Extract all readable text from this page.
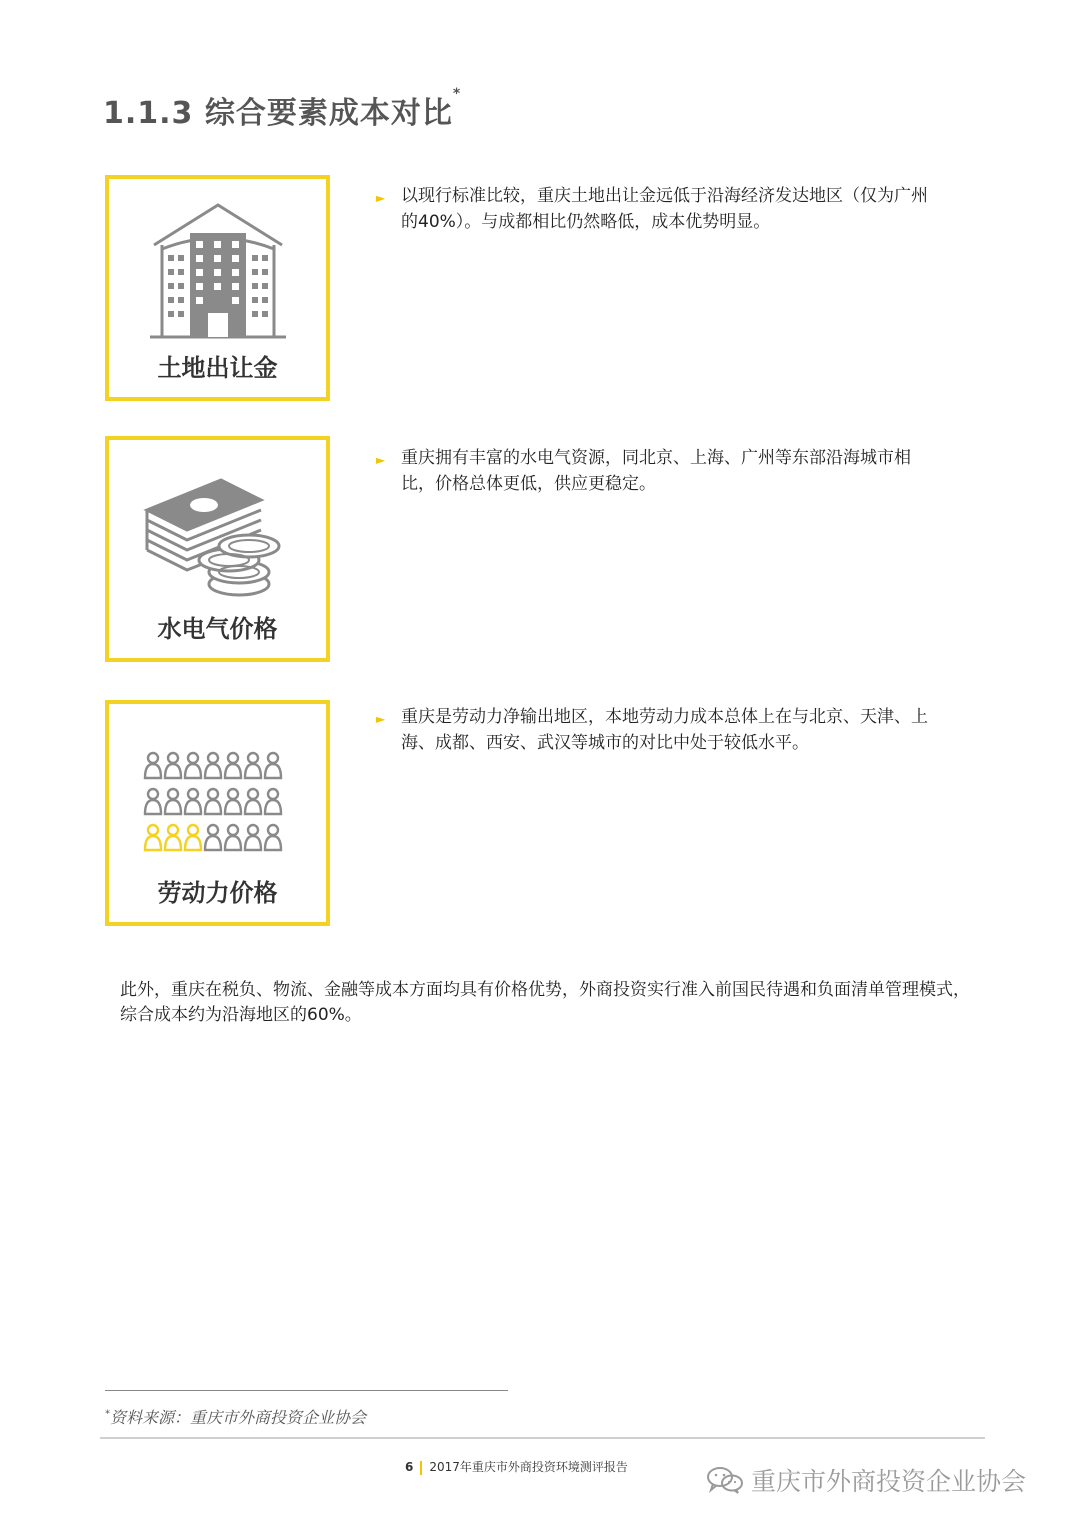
1.1.3 综合要素成本对比*
土地出让金
水电气价格
劳动力价格
► 以现行标准比较，重庆土地出让金远低于沿海经济发达地区（仅为广州的40%）。与成都相比仍然略低，成本优势明显。
► 重庆拥有丰富的水电气资源，同北京、上海、广州等东部沿海城市相比，价格总体更低，供应更稳定。
► 重庆是劳动力净输出地区，本地劳动力成本总体上在与北京、天津、上海、成都、西安、武汉等城市的对比中处于较低水平。
此外，重庆在税负、物流、金融等成本方面均具有价格优势，外商投资实行准入前国民待遇和负面清单管理模式，综合成本约为沿海地区的60%。
*资料来源：重庆市外商投资企业协会
6 2017年重庆市外商投资环境测评报告	重庆市外商投资企业协会
